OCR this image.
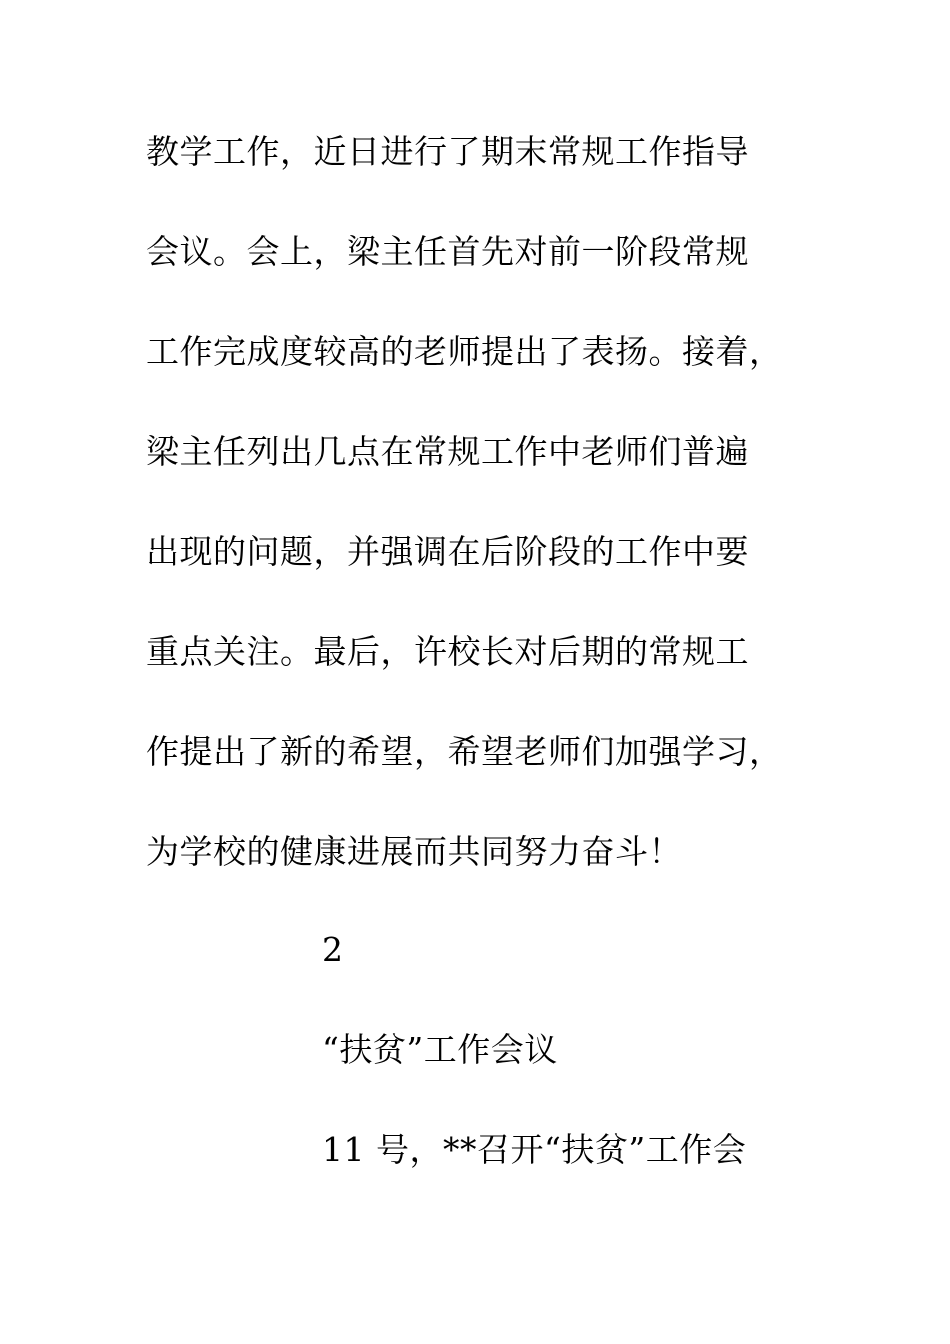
教学工作，近日进行了期末常规工作指导
会议。会上，梁主任首先对前一阶段常规
工作完成度较高的老师提出了表扬。接着，
梁主任列出几点在常规工作中老师们普遍
出现的问题，并强调在后阶段的工作中要
重点关注。最后，许校长对后期的常规工
作提出了新的希望，希望老师们加强学习，
为学校的健康进展而共同努力奋斗！
2
“扶贫”工作会议
11 号，**召开“扶贫”工作会
